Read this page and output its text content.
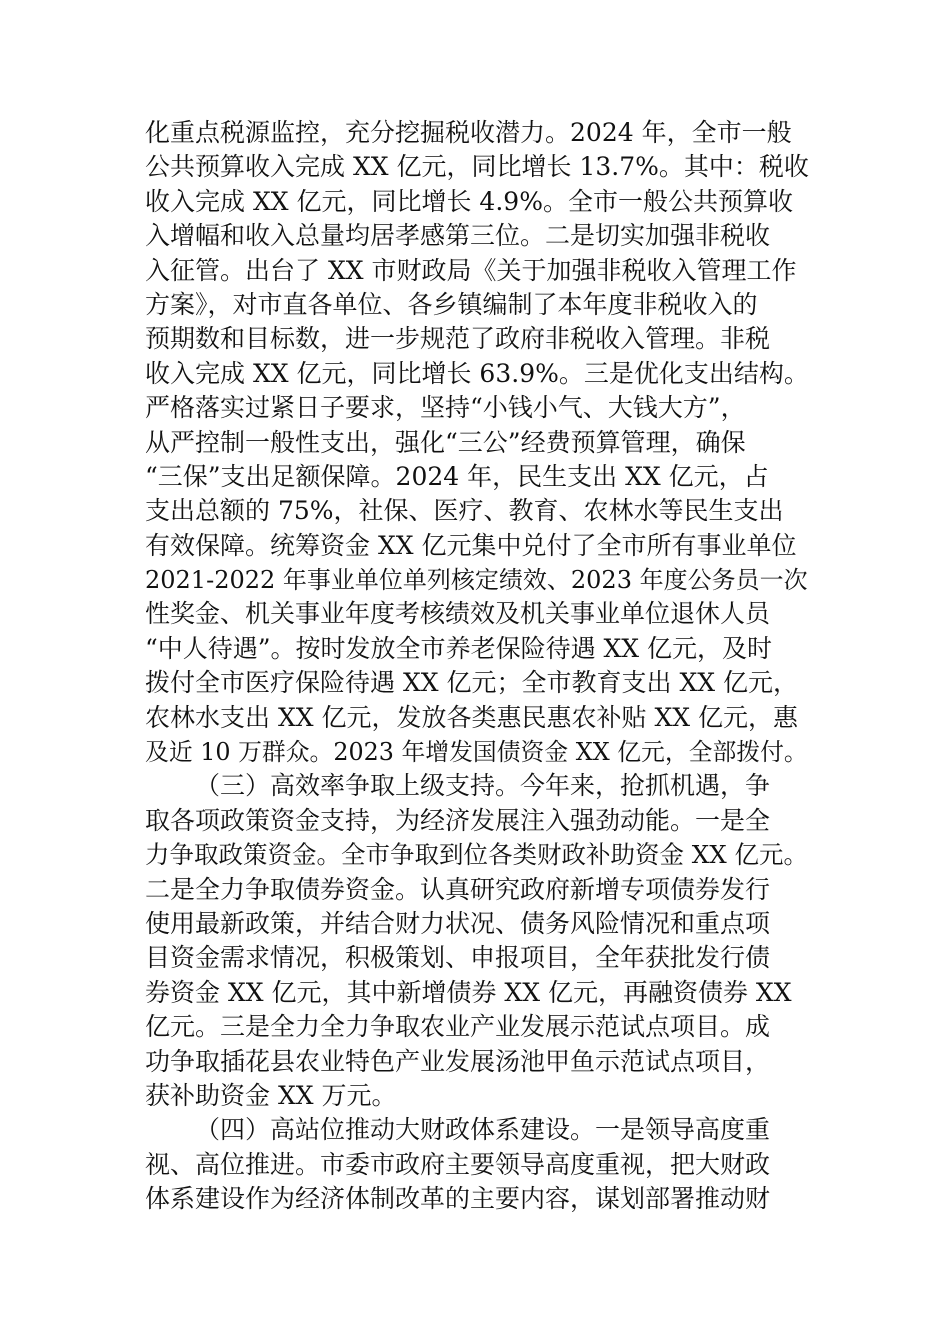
化重点税源监控，充分挖掘税收潜力。2024 年，全市一般
公共预算收入完成 XX 亿元，同比增长 13.7%。其中：税收
收入完成 XX 亿元，同比增长 4.9%。全市一般公共预算收
入增幅和收入总量均居孝感第三位。二是切实加强非税收
入征管。出台了 XX 市财政局《关于加强非税收入管理工作
方案》，对市直各单位、各乡镇编制了本年度非税收入的
预期数和目标数，进一步规范了政府非税收入管理。非税
收入完成 XX 亿元，同比增长 63.9%。三是优化支出结构。
严格落实过紧日子要求，坚持“小钱小气、大钱大方”，
从严控制一般性支出，强化“三公”经费预算管理，确保
“三保”支出足额保障。2024 年，民生支出 XX 亿元，占
支出总额的 75%，社保、医疗、教育、农林水等民生支出
有效保障。统筹资金 XX 亿元集中兑付了全市所有事业单位
2021-2022 年事业单位单列核定绩效、2023 年度公务员一次
性奖金、机关事业年度考核绩效及机关事业单位退休人员
“中人待遇”。按时发放全市养老保险待遇 XX 亿元，及时
拨付全市医疗保险待遇 XX 亿元；全市教育支出 XX 亿元，
农林水支出 XX 亿元，发放各类惠民惠农补贴 XX 亿元，惠
及近 10 万群众。2023 年增发国债资金 XX 亿元，全部拨付。
（三）高效率争取上级支持。今年来，抢抓机遇，争
取各项政策资金支持，为经济发展注入强劲动能。一是全
力争取政策资金。全市争取到位各类财政补助资金 XX 亿元。
二是全力争取债券资金。认真研究政府新增专项债券发行
使用最新政策，并结合财力状况、债务风险情况和重点项
目资金需求情况，积极策划、申报项目，全年获批发行债
券资金 XX 亿元，其中新增债券 XX 亿元，再融资债券 XX
亿元。三是全力全力争取农业产业发展示范试点项目。成
功争取插花县农业特色产业发展汤池甲鱼示范试点项目，
获补助资金 XX 万元。
（四）高站位推动大财政体系建设。一是领导高度重
视、高位推进。市委市政府主要领导高度重视，把大财政
体系建设作为经济体制改革的主要内容，谋划部署推动财
